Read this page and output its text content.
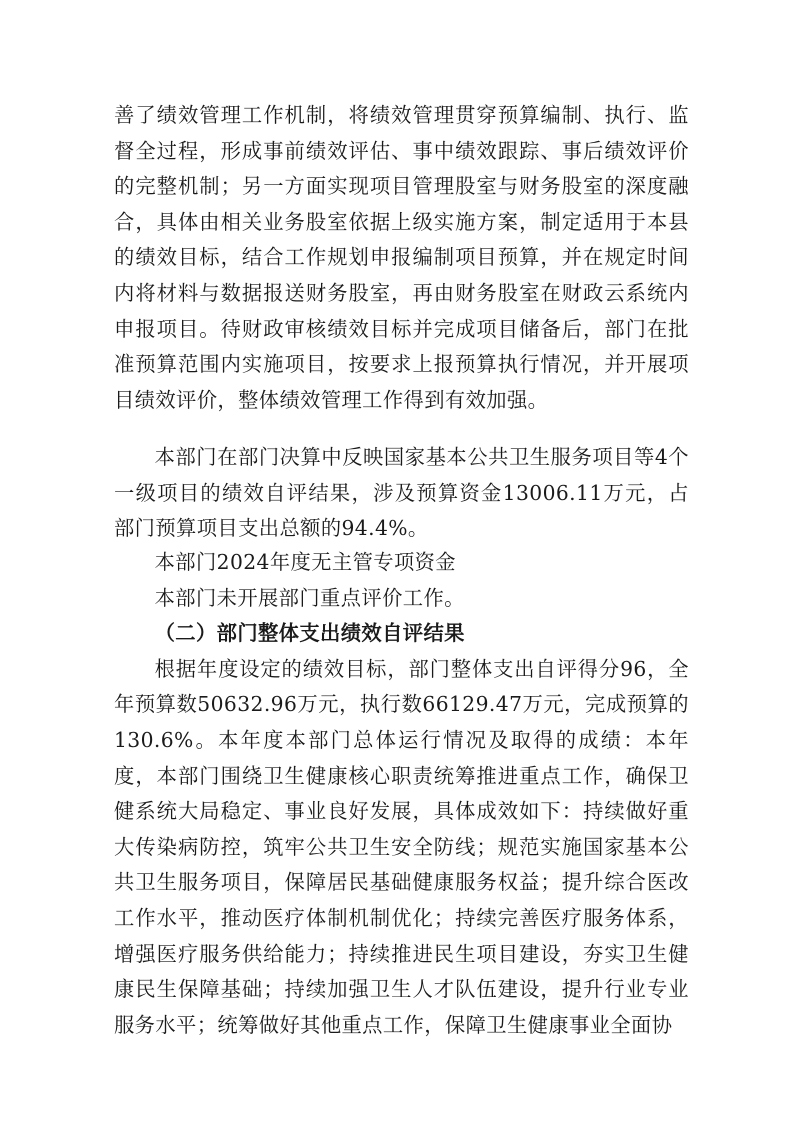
善了绩效管理工作机制，将绩效管理贯穿预算编制、执行、监督全过程，形成事前绩效评估、事中绩效跟踪、事后绩效评价的完整机制；另一方面实现项目管理股室与财务股室的深度融合，具体由相关业务股室依据上级实施方案，制定适用于本县的绩效目标，结合工作规划申报编制项目预算，并在规定时间内将材料与数据报送财务股室，再由财务股室在财政云系统内申报项目。待财政审核绩效目标并完成项目储备后，部门在批准预算范围内实施项目，按要求上报预算执行情况，并开展项目绩效评价，整体绩效管理工作得到有效加强。

本部门在部门决算中反映国家基本公共卫生服务项目等4个一级项目的绩效自评结果，涉及预算资金13006.11万元，占部门预算项目支出总额的94.4%。

本部门2024年度无主管专项资金

本部门未开展部门重点评价工作。

（二）部门整体支出绩效自评结果

根据年度设定的绩效目标，部门整体支出自评得分96，全年预算数50632.96万元，执行数66129.47万元，完成预算的130.6%。本年度本部门总体运行情况及取得的成绩：本年度，本部门围绕卫生健康核心职责统筹推进重点工作，确保卫健系统大局稳定、事业良好发展，具体成效如下：持续做好重大传染病防控，筑牢公共卫生安全防线；规范实施国家基本公共卫生服务项目，保障居民基础健康服务权益；提升综合医改工作水平，推动医疗体制机制优化；持续完善医疗服务体系，增强医疗服务供给能力；持续推进民生项目建设，夯实卫生健康民生保障基础；持续加强卫生人才队伍建设，提升行业专业服务水平；统筹做好其他重点工作，保障卫生健康事业全面协
